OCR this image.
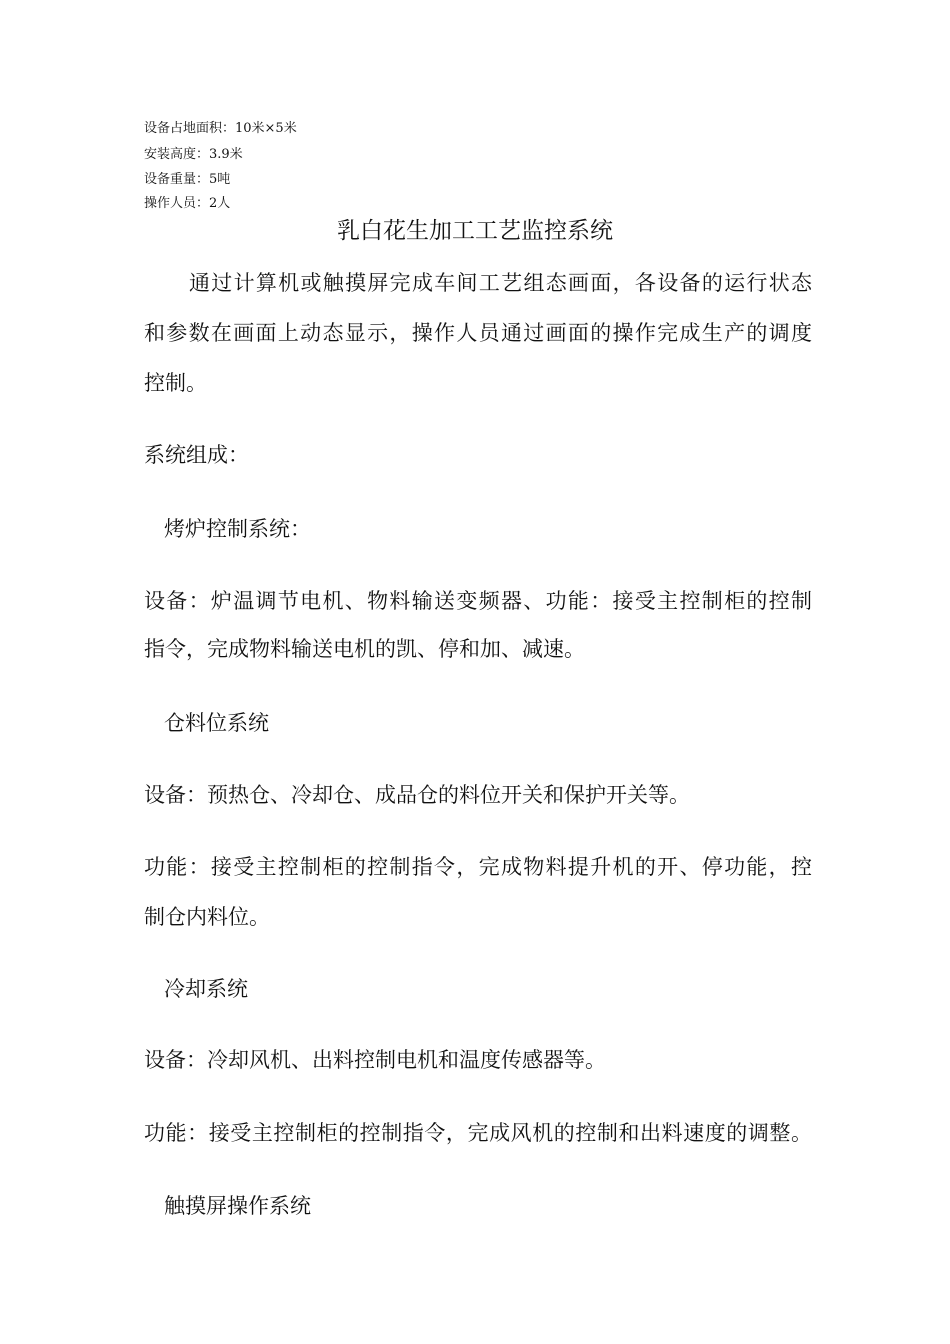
设备占地面积：10米×5米
安装高度：3.9米
设备重量：5吨
操作人员：2人
乳白花生加工工艺监控系统
通过计算机或触摸屏完成车间工艺组态画面，各设备的运行状态
和参数在画面上动态显示，操作人员通过画面的操作完成生产的调度
控制。
系统组成：
烤炉控制系统：
设备：炉温调节电机、物料输送变频器、功能：接受主控制柜的控制
指令，完成物料输送电机的凯、停和加、减速。
仓料位系统
设备：预热仓、冷却仓、成品仓的料位开关和保护开关等。
功能：接受主控制柜的控制指令，完成物料提升机的开、停功能，控
制仓内料位。
冷却系统
设备：冷却风机、出料控制电机和温度传感器等。
功能：接受主控制柜的控制指令，完成风机的控制和出料速度的调整。
触摸屏操作系统
